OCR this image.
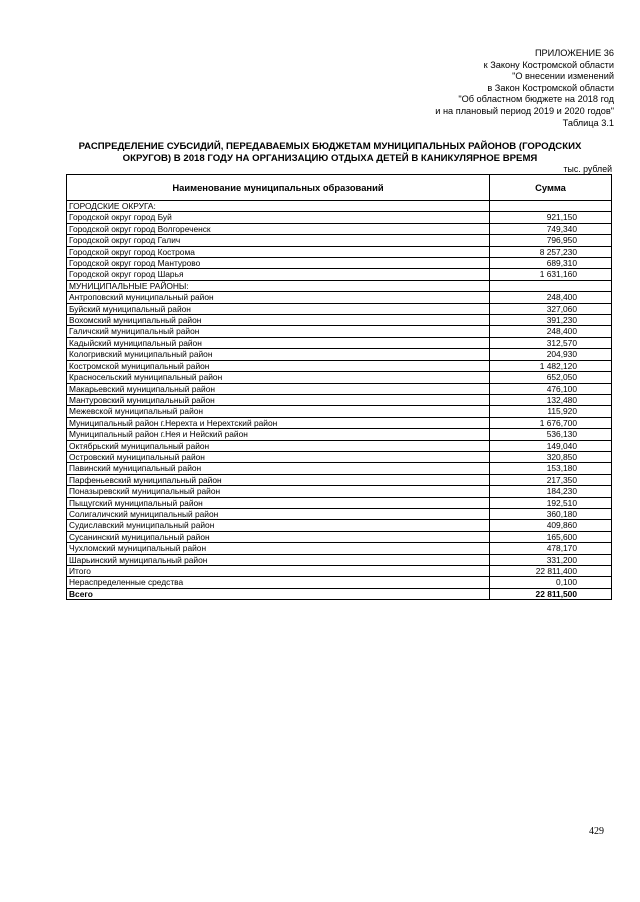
ПРИЛОЖЕНИЕ 36
к Закону Костромской области
"О внесении изменений
в Закон Костромской области
"Об областном бюджете на 2018 год
и на плановый период 2019 и 2020 годов"
Таблица 3.1
РАСПРЕДЕЛЕНИЕ СУБСИДИЙ, ПЕРЕДАВАЕМЫХ БЮДЖЕТАМ МУНИЦИПАЛЬНЫХ РАЙОНОВ (ГОРОДСКИХ
ОКРУГОВ) В 2018 ГОДУ НА ОРГАНИЗАЦИЮ ОТДЫХА ДЕТЕЙ В КАНИКУЛЯРНОЕ ВРЕМЯ
тыс. рублей
Наименование муниципальных образований	Сумма
ГОРОДСКИЕ ОКРУГА:	
Городской округ город Буй	921,150
Городской округ город Волгореченск	749,340
Городской округ город Галич	796,950
Городской округ город Кострома	8 257,230
Городской округ город Мантурово	689,310
Городской округ город Шарья	1 631,160
МУНИЦИПАЛЬНЫЕ РАЙОНЫ:	
Антроповский муниципальный район	248,400
Буйский муниципальный район	327,060
Вохомский муниципальный район	391,230
Галичский муниципальный район	248,400
Кадыйский муниципальный район	312,570
Кологривский муниципальный район	204,930
Костромской муниципальный район	1 482,120
Красносельский муниципальный район	652,050
Макарьевский муниципальный район	476,100
Мантуровский муниципальный район	132,480
Межевской муниципальный район	115,920
Муниципальный район г.Нерехта и Нерехтский район	1 676,700
Муниципальный район г.Нея и Нейский район	536,130
Октябрьский муниципальный район	149,040
Островский муниципальный район	320,850
Павинский муниципальный район	153,180
Парфеньевский муниципальный район	217,350
Поназыревский муниципальный район	184,230
Пыщугский муниципальный район	192,510
Солигаличский муниципальный район	360,180
Судиславский муниципальный район	409,860
Сусанинский муниципальный район	165,600
Чухломский муниципальный район	478,170
Шарьинский муниципальный район	331,200
Итого	22 811,400
Нераспределенные средства	0,100
Всего	22 811,500
429
